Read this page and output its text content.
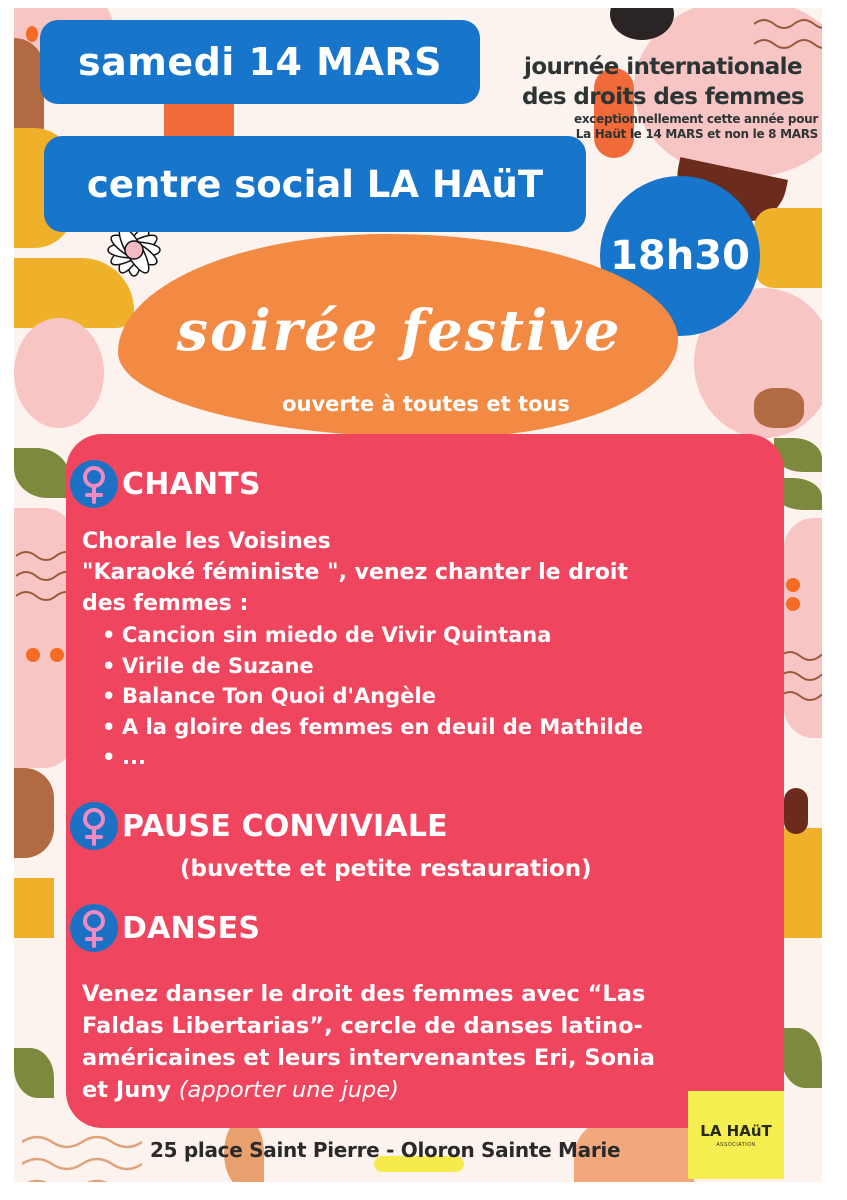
samedi 14 MARS
centre social LA HAüT
journée internationale
des droits des femmes
exceptionnellement cette année pour
La Haüt le 14 MARS et non le 8 MARS
18h30
soirée festive
ouverte à toutes et tous
CHANTS
Chorale les Voisines
"Karaoké féministe ", venez chanter le droit
des femmes :
• Cancion sin miedo de Vivir Quintana
• Virile de Suzane
• Balance Ton Quoi d'Angèle
• A la gloire des femmes en deuil de Mathilde
• ...
PAUSE CONVIVIALE
(buvette et petite restauration)
DANSES
Venez danser le droit des femmes avec “Las
Faldas Libertarias”, cercle de danses latino-
américaines et leurs intervenantes Eri, Sonia
et Juny (apporter une jupe)
25 place Saint Pierre - Oloron Sainte Marie
LA HAüT
ASSOCIATION
